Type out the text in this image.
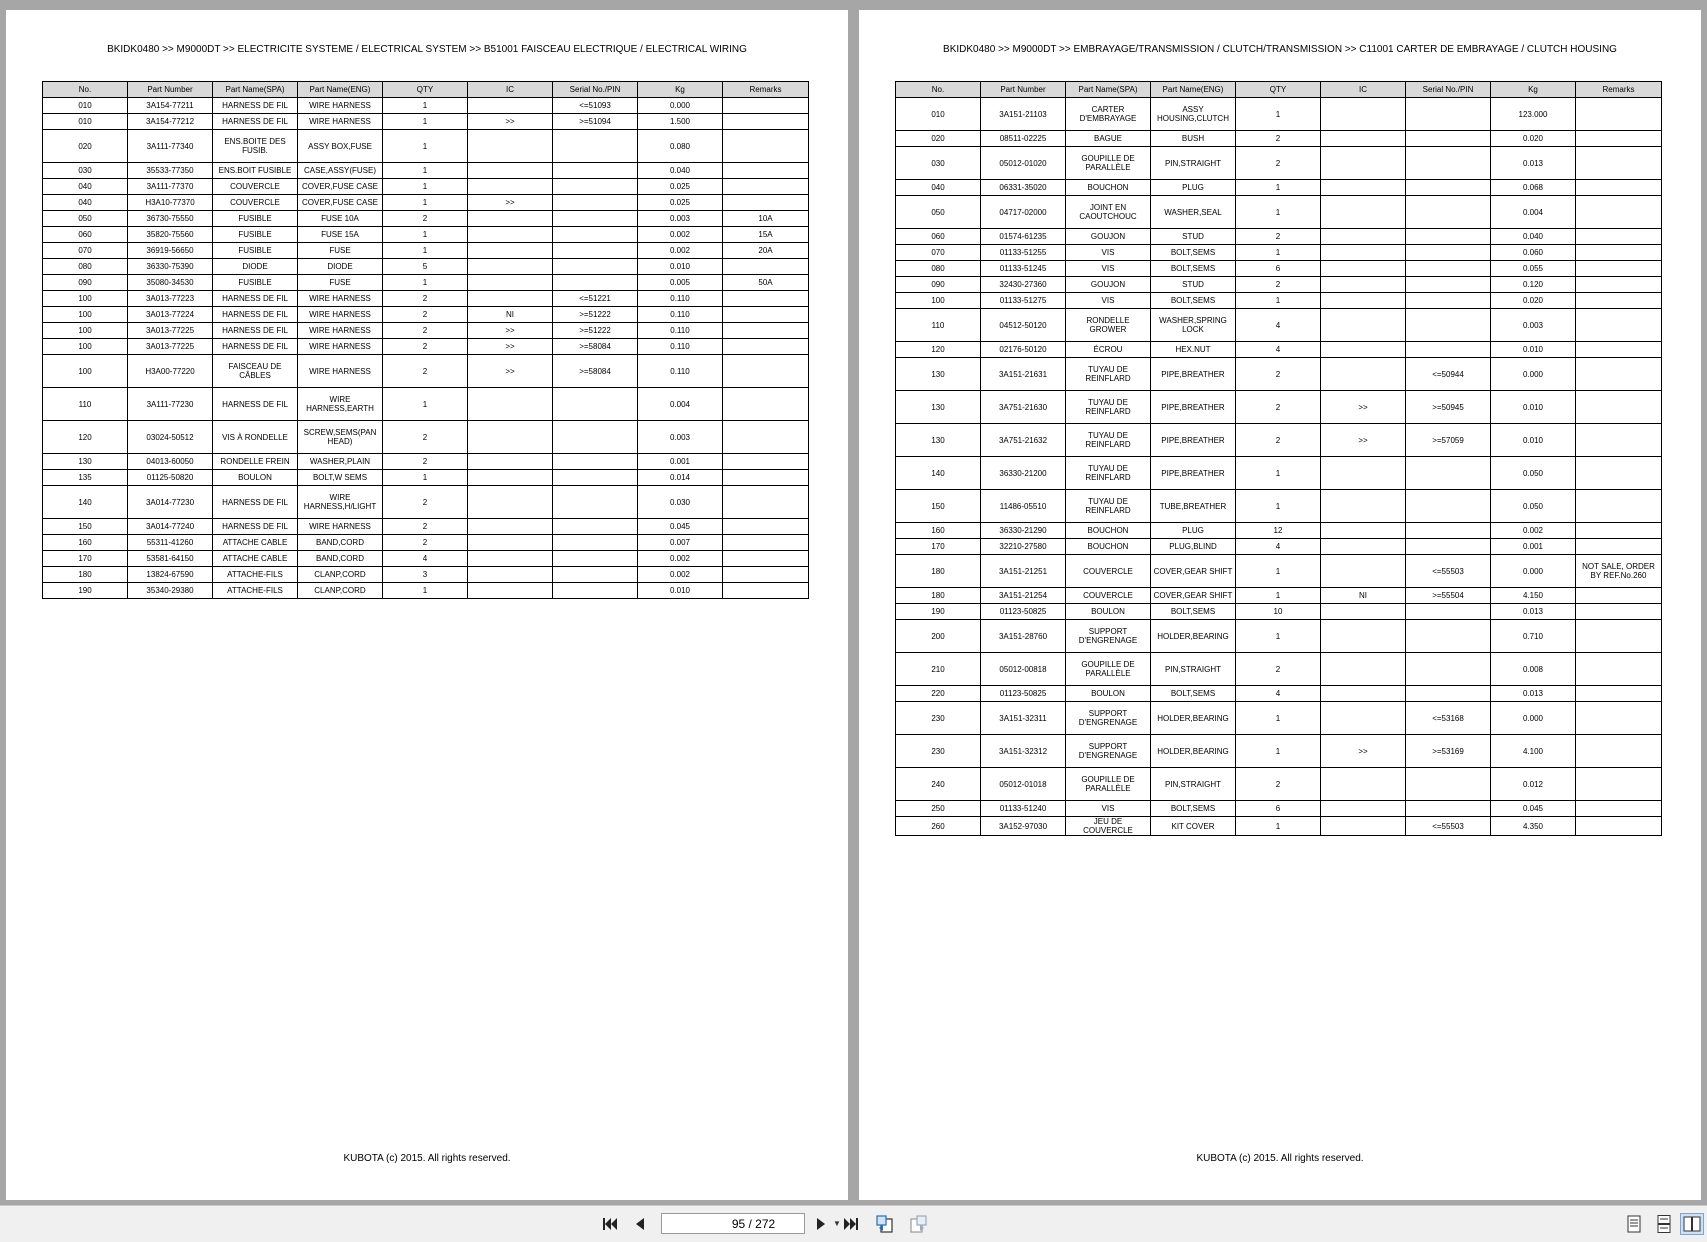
BKIDK0480 >> M9000DT >> ELECTRICITE SYSTEME / ELECTRICAL SYSTEM >> B51001 FAISCEAU ELECTRIQUE / ELECTRICAL WIRING
No.	Part Number	Part Name(SPA)	Part Name(ENG)	QTY	IC	Serial No./PIN	Kg	Remarks
010	3A154-77211	HARNESS DE FIL	WIRE HARNESS	1		<=51093	0.000	
010	3A154-77212	HARNESS DE FIL	WIRE HARNESS	1	>>	>=51094	1.500	
020	3A111-77340	ENS.BOITE DES FUSIB.	ASSY BOX,FUSE	1			0.080	
030	35533-77350	ENS.BOIT FUSIBLE	CASE,ASSY(FUSE)	1			0.040	
040	3A111-77370	COUVERCLE	COVER,FUSE CASE	1			0.025	
040	H3A10-77370	COUVERCLE	COVER,FUSE CASE	1	>>		0.025	
050	36730-75550	FUSIBLE	FUSE 10A	2			0.003	10A
060	35820-75560	FUSIBLE	FUSE 15A	1			0.002	15A
070	36919-56650	FUSIBLE	FUSE	1			0.002	20A
080	36330-75390	DIODE	DIODE	5			0.010	
090	35080-34530	FUSIBLE	FUSE	1			0.005	50A
100	3A013-77223	HARNESS DE FIL	WIRE HARNESS	2		<=51221	0.110	
100	3A013-77224	HARNESS DE FIL	WIRE HARNESS	2	NI	>=51222	0.110	
100	3A013-77225	HARNESS DE FIL	WIRE HARNESS	2	>>	>=51222	0.110	
100	3A013-77225	HARNESS DE FIL	WIRE HARNESS	2	>>	>=58084	0.110	
100	H3A00-77220	FAISCEAU DE CÂBLES	WIRE HARNESS	2	>>	>=58084	0.110	
110	3A111-77230	HARNESS DE FIL	WIRE HARNESS,EARTH	1			0.004	
120	03024-50512	VIS À RONDELLE	SCREW,SEMS(PAN HEAD)	2			0.003	
130	04013-60050	RONDELLE FREIN	WASHER,PLAIN	2			0.001	
135	01125-50820	BOULON	BOLT,W SEMS	1			0.014	
140	3A014-77230	HARNESS DE FIL	WIRE HARNESS,H/LIGHT	2			0.030	
150	3A014-77240	HARNESS DE FIL	WIRE HARNESS	2			0.045	
160	55311-41260	ATTACHE CABLE	BAND,CORD	2			0.007	
170	53581-64150	ATTACHE CABLE	BAND,CORD	4			0.002	
180	13824-67590	ATTACHE-FILS	CLANP,CORD	3			0.002	
190	35340-29380	ATTACHE-FILS	CLANP,CORD	1			0.010	
KUBOTA (c) 2015. All rights reserved.
BKIDK0480 >> M9000DT >> EMBRAYAGE/TRANSMISSION / CLUTCH/TRANSMISSION >> C11001 CARTER DE EMBRAYAGE / CLUTCH HOUSING
No.	Part Number	Part Name(SPA)	Part Name(ENG)	QTY	IC	Serial No./PIN	Kg	Remarks
010	3A151-21103	CARTER D'EMBRAYAGE	ASSY HOUSING,CLUTCH	1			123.000	
020	08511-02225	BAGUE	BUSH	2			0.020	
030	05012-01020	GOUPILLE DE PARALLÈLE	PIN,STRAIGHT	2			0.013	
040	06331-35020	BOUCHON	PLUG	1			0.068	
050	04717-02000	JOINT EN CAOUTCHOUC	WASHER,SEAL	1			0.004	
060	01574-61235	GOUJON	STUD	2			0.040	
070	01133-51255	VIS	BOLT,SEMS	1			0.060	
080	01133-51245	VIS	BOLT,SEMS	6			0.055	
090	32430-27360	GOUJON	STUD	2			0.120	
100	01133-51275	VIS	BOLT,SEMS	1			0.020	
110	04512-50120	RONDELLE GROWER	WASHER,SPRING LOCK	4			0.003	
120	02176-50120	ÉCROU	HEX.NUT	4			0.010	
130	3A151-21631	TUYAU DE REINFLARD	PIPE,BREATHER	2		<=50944	0.000	
130	3A751-21630	TUYAU DE REINFLARD	PIPE,BREATHER	2	>>	>=50945	0.010	
130	3A751-21632	TUYAU DE REINFLARD	PIPE,BREATHER	2	>>	>=57059	0.010	
140	36330-21200	TUYAU DE REINFLARD	PIPE,BREATHER	1			0.050	
150	11486-05510	TUYAU DE REINFLARD	TUBE,BREATHER	1			0.050	
160	36330-21290	BOUCHON	PLUG	12			0.002	
170	32210-27580	BOUCHON	PLUG,BLIND	4			0.001	
180	3A151-21251	COUVERCLE	COVER,GEAR SHIFT	1		<=55503	0.000	NOT SALE, ORDER BY REF.No.260
180	3A151-21254	COUVERCLE	COVER,GEAR SHIFT	1	NI	>=55504	4.150	
190	01123-50825	BOULON	BOLT,SEMS	10			0.013	
200	3A151-28760	SUPPORT D'ENGRENAGE	HOLDER,BEARING	1			0.710	
210	05012-00818	GOUPILLE DE PARALLÈLE	PIN,STRAIGHT	2			0.008	
220	01123-50825	BOULON	BOLT,SEMS	4			0.013	
230	3A151-32311	SUPPORT D'ENGRENAGE	HOLDER,BEARING	1		<=53168	0.000	
230	3A151-32312	SUPPORT D'ENGRENAGE	HOLDER,BEARING	1	>>	>=53169	4.100	
240	05012-01018	GOUPILLE DE PARALLÈLE	PIN,STRAIGHT	2			0.012	
250	01133-51240	VIS	BOLT,SEMS	6			0.045	
260	3A152-97030	JEU DE COUVERCLE	KIT COVER	1		<=55503	4.350	
KUBOTA (c) 2015. All rights reserved.
95 / 272
▼
